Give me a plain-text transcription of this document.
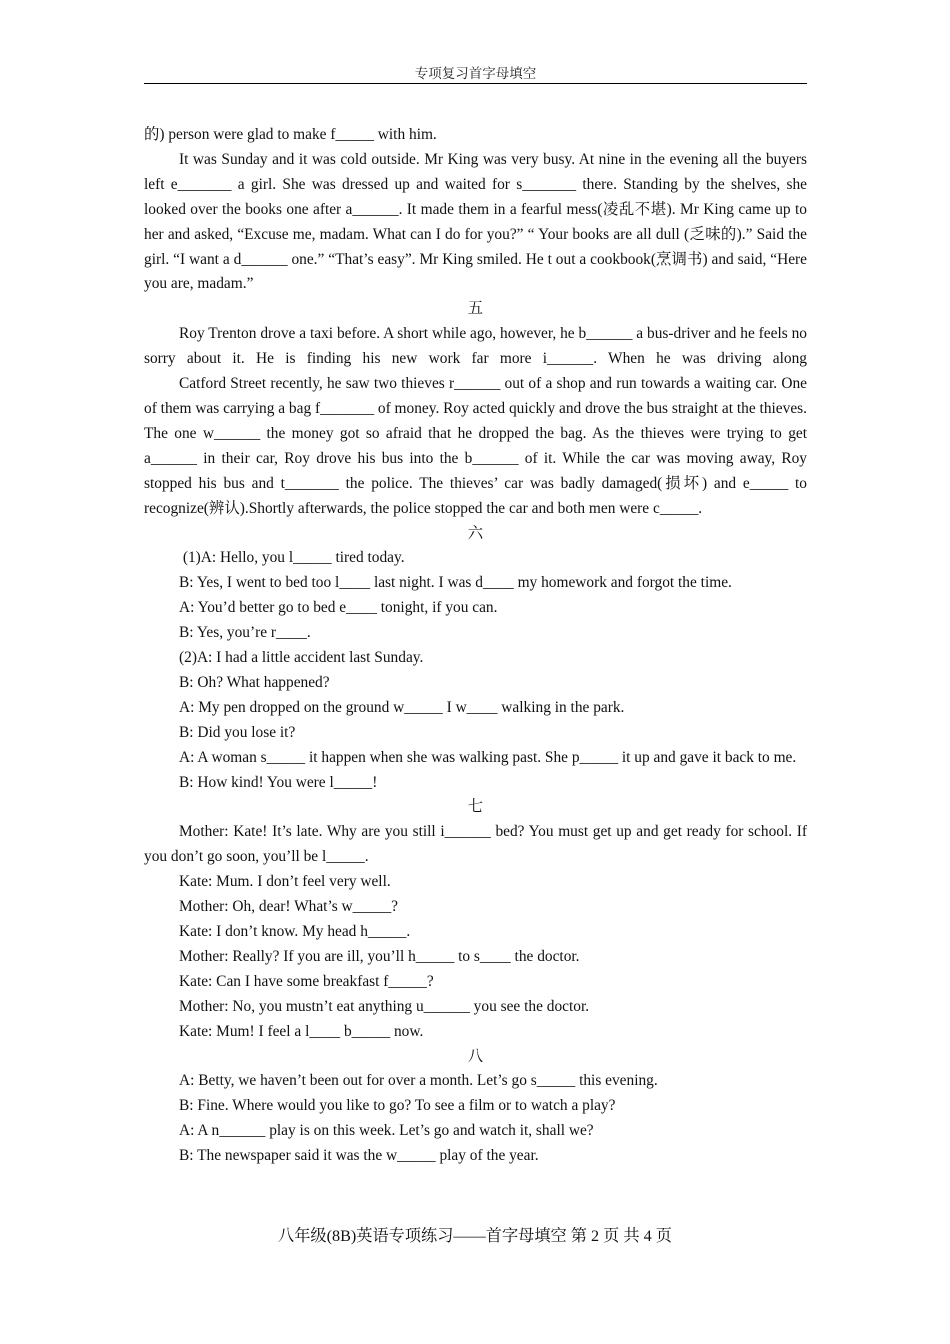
专项复习首字母填空

的) person were glad to make f_____ with him.

It was Sunday and it was cold outside. Mr King was very busy. At nine in the evening all the buyers left e_______ a girl. She was dressed up and waited for s_______ there. Standing by the shelves, she looked over the books one after a______. It made them in a fearful mess(凌乱不堪). Mr King came up to her and asked, “Excuse me, madam. What can I do for you?” “ Your books are all dull (乏味的).” Said the girl. “I want a d______ one.” “That’s easy”. Mr King smiled. He t out a cookbook(烹调书) and said, “Here you are, madam.”

五

Roy Trenton drove a taxi before. A short while ago, however, he b______ a bus-driver and he feels no sorry about it. He is finding his new work far more i______. When he was driving along

Catford Street recently, he saw two thieves r______ out of a shop and run towards a waiting car. One of them was carrying a bag f_______ of money. Roy acted quickly and drove the bus straight at the thieves. The one w______ the money got so afraid that he dropped the bag. As the thieves were trying to get a______ in their car, Roy drove his bus into the b______ of it. While the car was moving away, Roy stopped his bus and t_______ the police. The thieves’ car was badly damaged(损坏) and e_____ to recognize(辨认).Shortly afterwards, the police stopped the car and both men were c_____.

六

(1)A: Hello, you l_____ tired today.

B: Yes, I went to bed too l____ last night. I was d____ my homework and forgot the time.

A: You’d better go to bed e____ tonight, if you can.

B: Yes, you’re r____.

(2)A: I had a little accident last Sunday.

B: Oh? What happened?

A: My pen dropped on the ground w_____ I w____ walking in the park.

B: Did you lose it?

A: A woman s_____ it happen when she was walking past. She p_____ it up and gave it back to me.

B: How kind! You were l_____!

七

Mother: Kate! It’s late. Why are you still i______ bed? You must get up and get ready for school. If you don’t go soon, you’ll be l_____.

Kate: Mum. I don’t feel very well.

Mother: Oh, dear! What’s w_____?

Kate: I don’t know. My head h_____.

Mother: Really? If you are ill, you’ll h_____ to s____ the doctor.

Kate: Can I have some breakfast f_____?

Mother: No, you mustn’t eat anything u______ you see the doctor.

Kate: Mum! I feel a l____ b_____ now.

八

A: Betty, we haven’t been out for over a month. Let’s go s_____ this evening.

B: Fine. Where would you like to go? To see a film or to watch a play?

A: A n______ play is on this week. Let’s go and watch it, shall we?

B: The newspaper said it was the w_____ play of the year.

八年级(8B)英语专项练习——首字母填空 第 2 页 共 4 页
